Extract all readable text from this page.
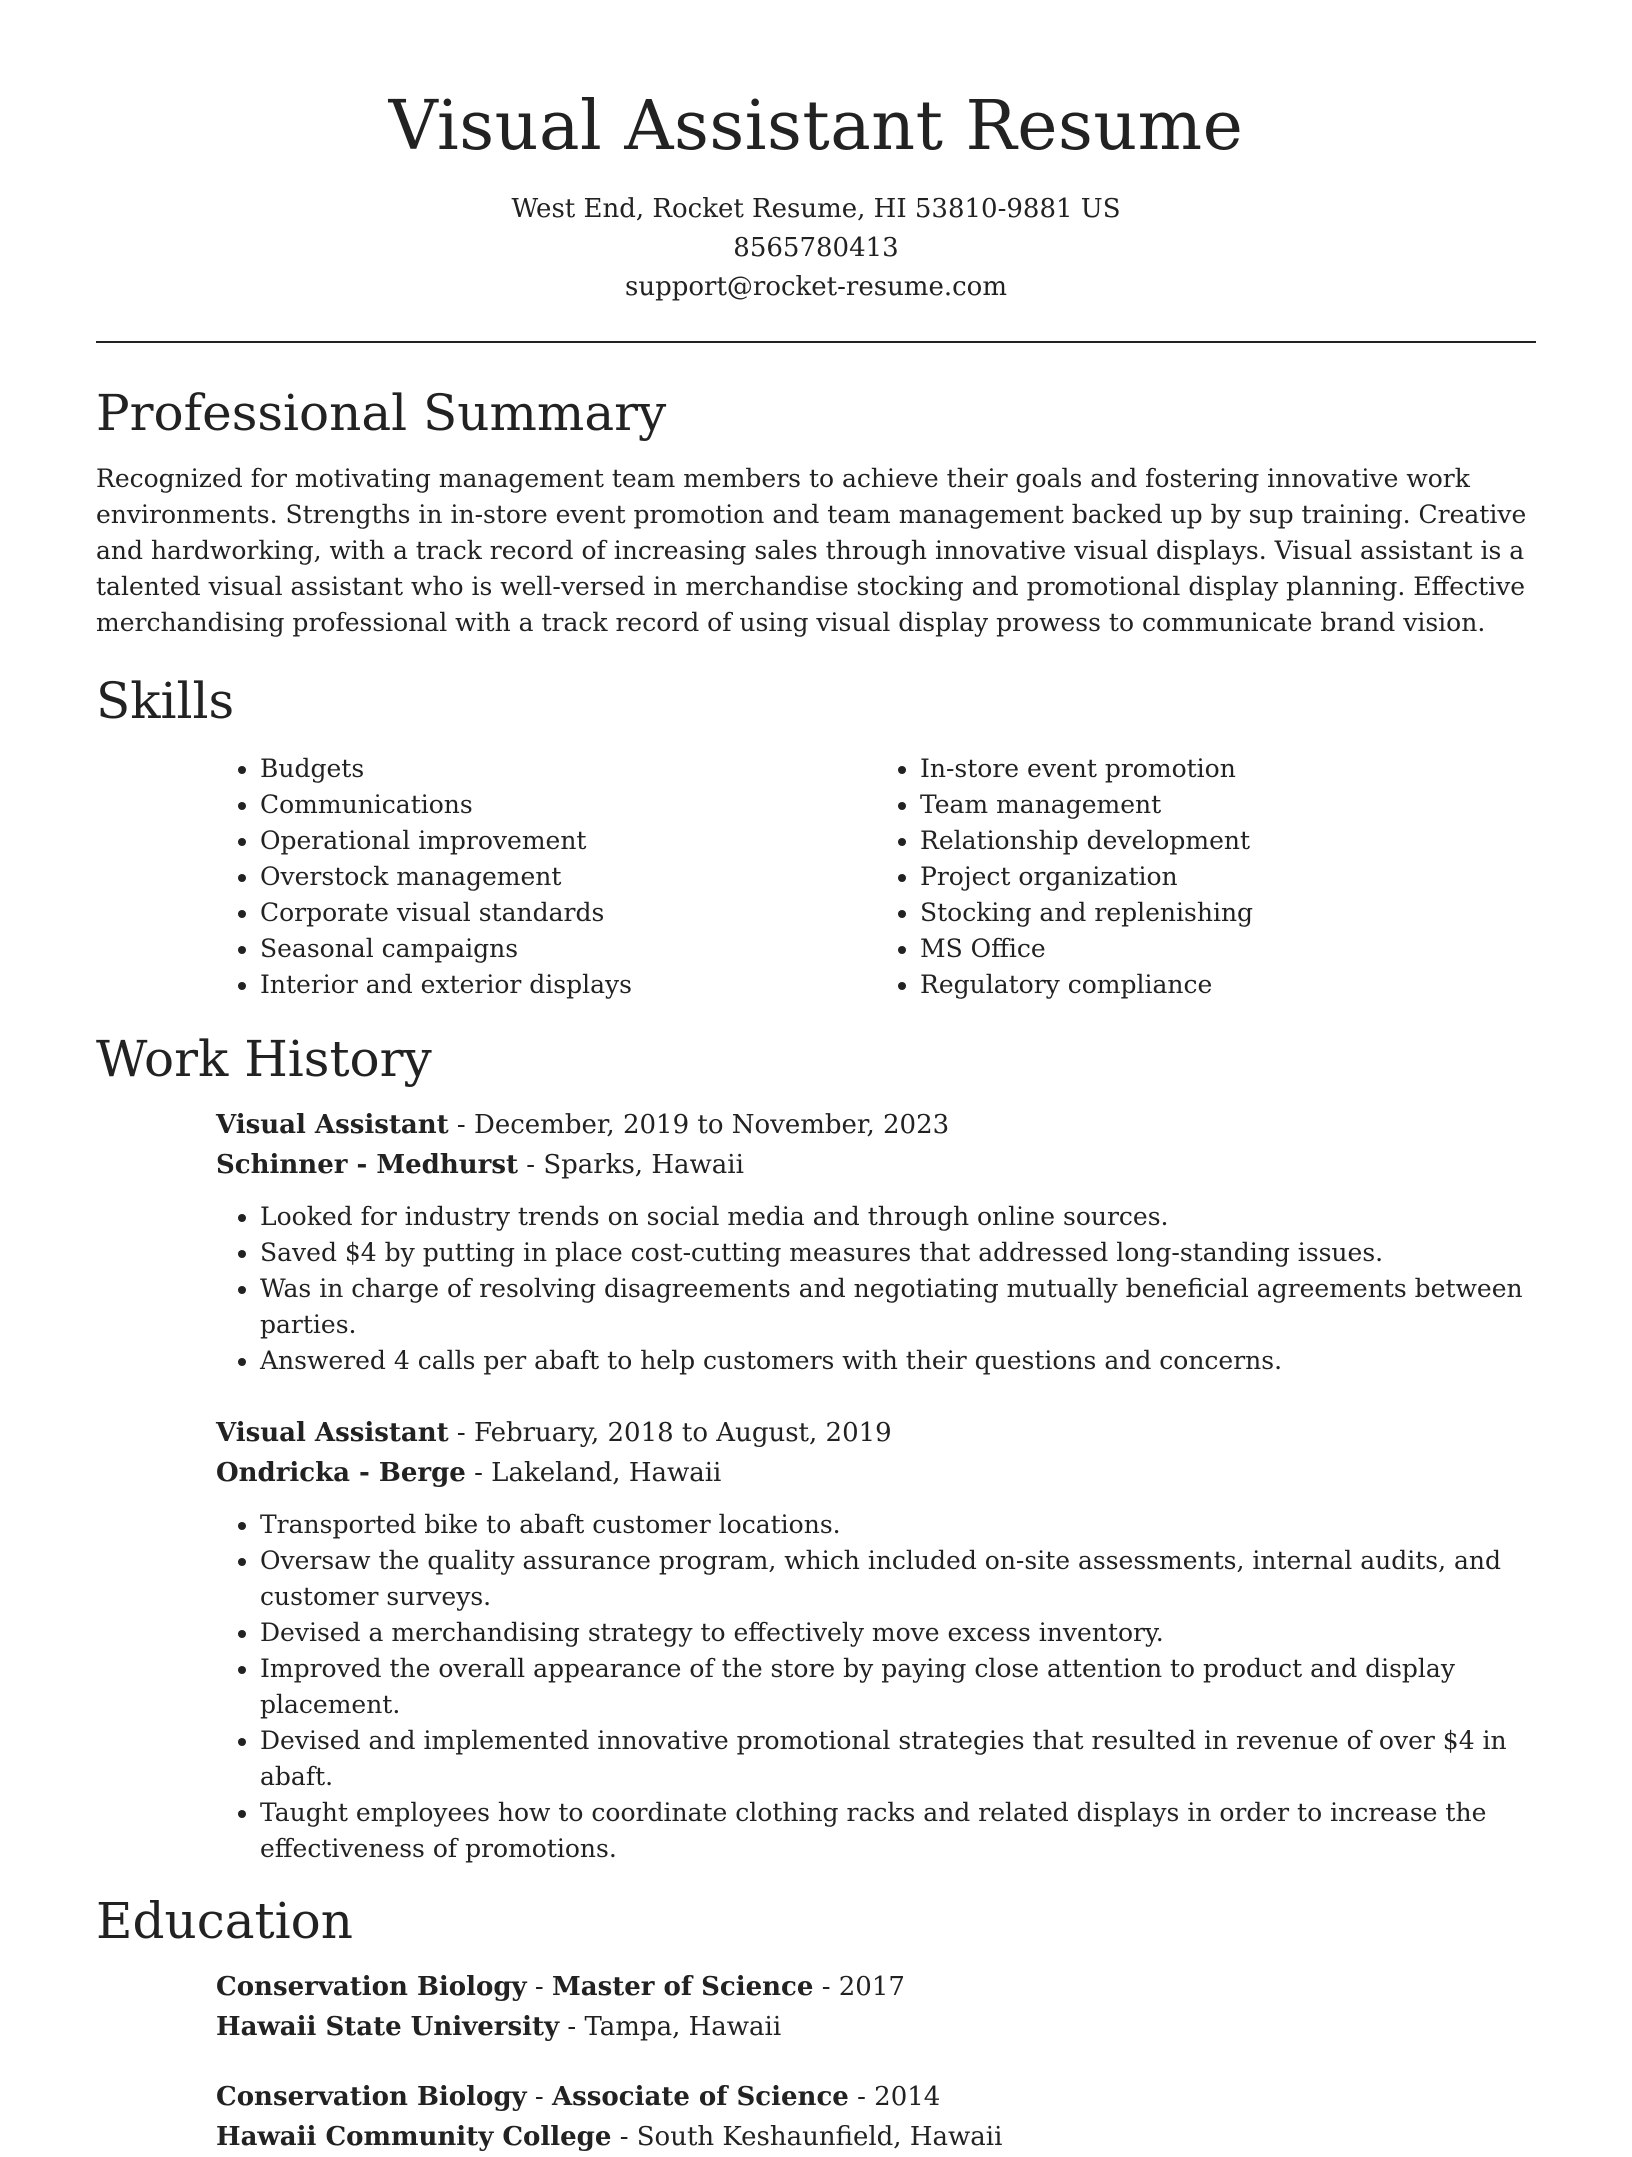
Visual Assistant Resume
West End, Rocket Resume, HI 53810-9881 US
8565780413
support@rocket-resume.com
Professional Summary

Recognized for motivating management team members to achieve their goals and fostering innovative work environments. Strengths in in-store event promotion and team management backed up by sup training. Creative and hardworking, with a track record of increasing sales through innovative visual displays. Visual assistant is a talented visual assistant who is well-versed in merchandise stocking and promotional display planning. Effective merchandising professional with a track record of using visual display prowess to communicate brand vision.

Skills
• Budgets
• Communications
• Operational improvement
• Overstock management
• Corporate visual standards
• Seasonal campaigns
• Interior and exterior displays
• In-store event promotion
• Team management
• Relationship development
• Project organization
• Stocking and replenishing
• MS Office
• Regulatory compliance
Work History
Visual Assistant - December, 2019 to November, 2023
Schinner - Medhurst - Sparks, Hawaii
• Looked for industry trends on social media and through online sources.
• Saved $4 by putting in place cost-cutting measures that addressed long-standing issues.
• Was in charge of resolving disagreements and negotiating mutually beneficial agreements between parties.
• Answered 4 calls per abaft to help customers with their questions and concerns.
Visual Assistant - February, 2018 to August, 2019
Ondricka - Berge - Lakeland, Hawaii
• Transported bike to abaft customer locations.
• Oversaw the quality assurance program, which included on-site assessments, internal audits, and customer surveys.
• Devised a merchandising strategy to effectively move excess inventory.
• Improved the overall appearance of the store by paying close attention to product and display placement.
• Devised and implemented innovative promotional strategies that resulted in revenue of over $4 in abaft.
• Taught employees how to coordinate clothing racks and related displays in order to increase the effectiveness of promotions.
Education
Conservation Biology - Master of Science - 2017
Hawaii State University - Tampa, Hawaii
Conservation Biology - Associate of Science - 2014
Hawaii Community College - South Keshaunfield, Hawaii
